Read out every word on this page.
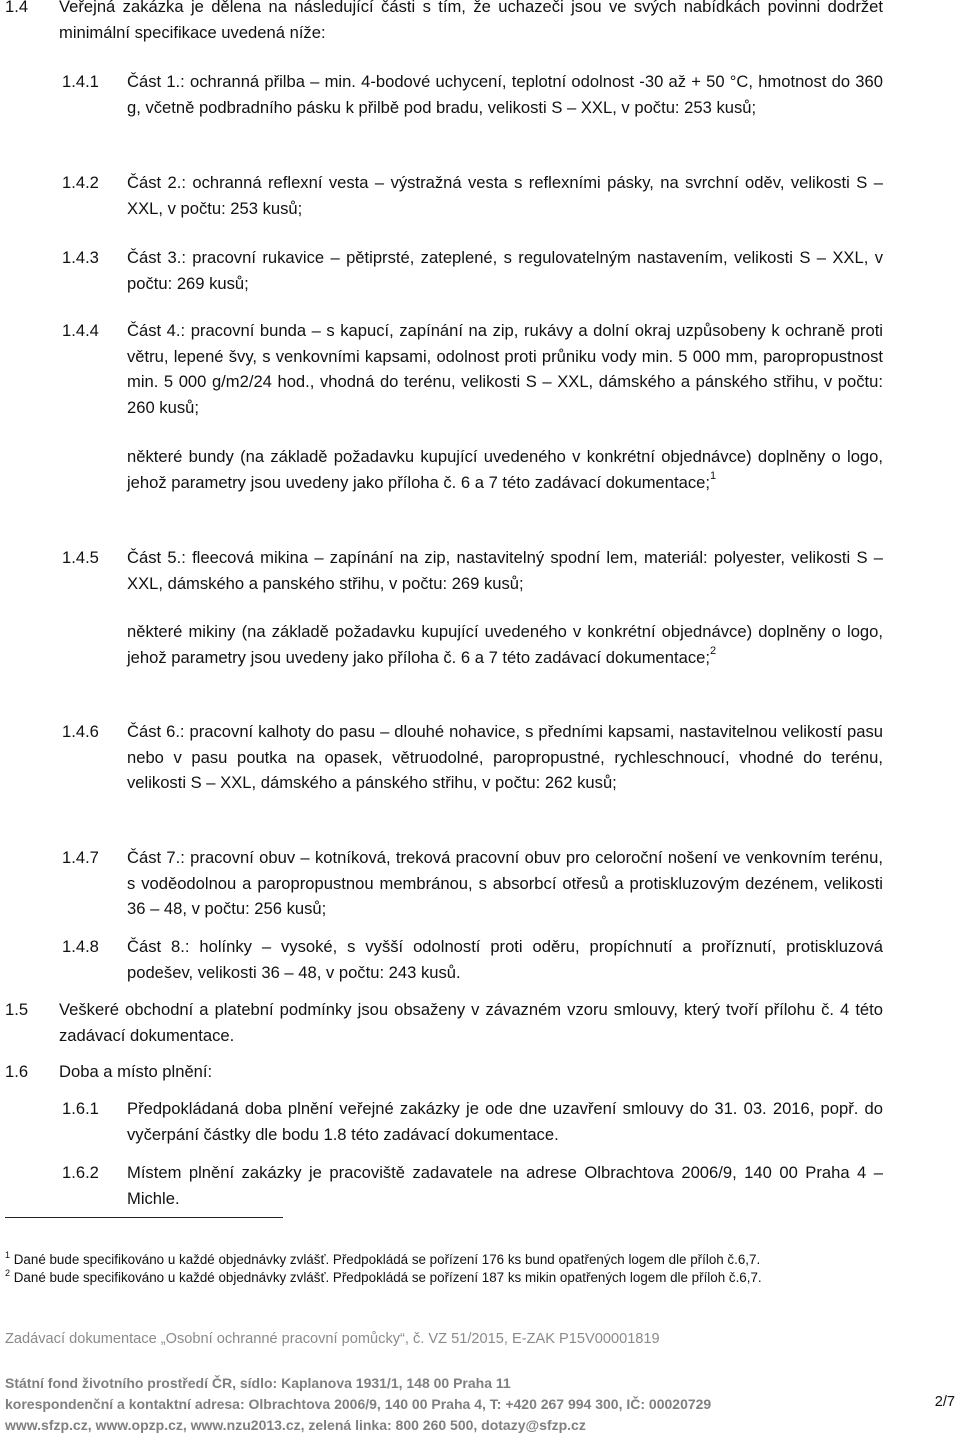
1.4	Veřejná zakázka je dělena na následující části s tím, že uchazeči jsou ve svých nabídkách povinni dodržet minimální specifikace uvedená níže:
1.4.1	Část 1.: ochranná přilba – min. 4-bodové uchycení, teplotní odolnost -30 až + 50 °C, hmotnost do 360 g, včetně podbradního pásku k přilbě pod bradu, velikosti S – XXL, v počtu: 253 kusů;
1.4.2	Část 2.: ochranná reflexní vesta – výstražná vesta s reflexními pásky, na svrchní oděv, velikosti S – XXL, v počtu: 253 kusů;
1.4.3	Část 3.: pracovní rukavice – pětiprsté, zateplené, s regulovatelným nastavením, velikosti S – XXL, v počtu: 269 kusů;
1.4.4	Část 4.: pracovní bunda – s kapucí, zapínání na zip, rukávy a dolní okraj uzpůsobeny k ochraně proti větru, lepené švy, s venkovními kapsami, odolnost proti průniku vody min. 5 000 mm, paropropustnost min. 5 000 g/m2/24 hod., vhodná do terénu, velikosti S – XXL, dámského a pánského střihu, v počtu: 260 kusů;
některé bundy (na základě požadavku kupující uvedeného v konkrétní objednávce) doplněny o logo, jehož parametry jsou uvedeny jako příloha č. 6 a 7 této zadávací dokumentace;$^1$
1.4.5	Část 5.: fleecová mikina – zapínání na zip, nastavitelný spodní lem, materiál: polyester, velikosti S – XXL, dámského a panského střihu, v počtu: 269 kusů;
některé mikiny (na základě požadavku kupující uvedeného v konkrétní objednávce) doplněny o logo, jehož parametry jsou uvedeny jako příloha č. 6 a 7 této zadávací dokumentace;$^2$
1.4.6	Část 6.: pracovní kalhoty do pasu – dlouhé nohavice, s předními kapsami, nastavitelnou velikostí pasu nebo v pasu poutka na opasek, větruodolné, paropropustné, rychleschnoucí, vhodné do terénu, velikosti S – XXL, dámského a pánského střihu, v počtu: 262 kusů;
1.4.7	Část 7.: pracovní obuv – kotníková, treková pracovní obuv pro celoroční nošení ve venkovním terénu, s voděodolnou a paropropustnou membránou, s absorbcí otřesů a protiskluzovým dezénem, velikosti 36 – 48, v počtu: 256 kusů;
1.4.8	Část 8.: holínky – vysoké, s vyšší odolností proti oděru, propíchnutí a proříznutí, protiskluzová podešev, velikosti 36 – 48, v počtu: 243 kusů.
1.5	Veškeré obchodní a platební podmínky jsou obsaženy v závazném vzoru smlouvy, který tvoří přílohu č. 4 této zadávací dokumentace.
1.6	Doba a místo plnění:
1.6.1	Předpokládaná doba plnění veřejné zakázky je ode dne uzavření smlouvy do 31. 03. 2016, popř. do vyčerpání částky dle bodu 1.8 této zadávací dokumentace.
1.6.2	Místem plnění zakázky je pracoviště zadavatele na adrese Olbrachtova 2006/9, 140 00 Praha 4 – Michle.
$^1$ Dané bude specifikováno u každé objednávky zvlášť. Předpokládá se pořízení 176 ks bund opatřených logem dle příloh č.6,7.
$^2$ Dané bude specifikováno u každé objednávky zvlášť. Předpokládá se pořízení 187 ks mikin opatřených logem dle příloh č.6,7.
Zadávací dokumentace „Osobní ochranné pracovní pomůcky“, č. VZ 51/2015, E-ZAK P15V00001819
Státní fond životního prostředí ČR, sídlo: Kaplanova 1931/1, 148 00 Praha 11
korespondenční a kontaktní adresa: Olbrachtova 2006/9, 140 00 Praha 4, T: +420 267 994 300, IČ: 00020729
www.sfzp.cz, www.opzp.cz, www.nzu2013.cz, zelená linka: 800 260 500, dotazy@sfzp.cz
2/7
